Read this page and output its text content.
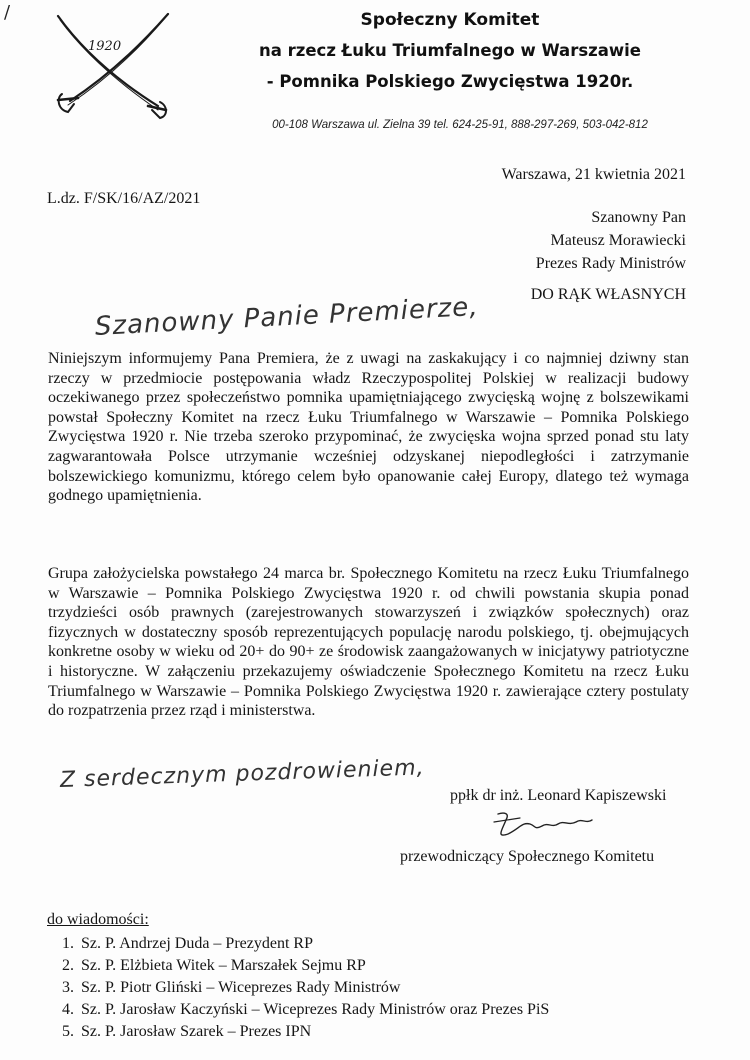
/
1920
Społeczny Komitet
na rzecz Łuku Triumfalnego w Warszawie
- Pomnika Polskiego Zwycięstwa 1920r.
00-108 Warszawa ul. Zielna 39 tel. 624-25-91, 888-297-269, 503-042-812
Warszawa, 21 kwietnia 2021
L.dz. F/SK/16/AZ/2021
Szanowny Pan
Mateusz Morawiecki
Prezes Rady Ministrów
DO RĄK WŁASNYCH
Szanowny Panie Premierze,

Niniejszym informujemy Pana Premiera, że z uwagi na zaskakujący i co najmniej dziwny stan rzeczy w przedmiocie postępowania władz Rzeczypospolitej Polskiej w realizacji budowy oczekiwanego przez społeczeństwo pomnika upamiętniającego zwycięską wojnę z bolszewikami powstał Społeczny Komitet na rzecz Łuku Triumfalnego w Warszawie – Pomnika Polskiego Zwycięstwa 1920 r. Nie trzeba szeroko przypominać, że zwycięska wojna sprzed ponad stu laty zagwarantowała Polsce utrzymanie wcześniej odzyskanej niepodległości i zatrzymanie bolszewickiego komunizmu, którego celem było opanowanie całej Europy, dlatego też wymaga godnego upamiętnienia.

Grupa założycielska powstałego 24 marca br. Społecznego Komitetu na rzecz Łuku Triumfalnego w Warszawie – Pomnika Polskiego Zwycięstwa 1920 r. od chwili powstania skupia ponad trzydzieści osób prawnych (zarejestrowanych stowarzyszeń i związków społecznych) oraz fizycznych w dostateczny sposób reprezentujących populację narodu polskiego, tj. obejmujących konkretne osoby w wieku od 20+ do 90+ ze środowisk zaangażowanych w inicjatywy patriotyczne i historyczne. W załączeniu przekazujemy oświadczenie Społecznego Komitetu na rzecz Łuku Triumfalnego w Warszawie – Pomnika Polskiego Zwycięstwa 1920 r. zawierające cztery postulaty do rozpatrzenia przez rząd i ministerstwa.

Z serdecznym pozdrowieniem,
ppłk dr inż. Leonard Kapiszewski
przewodniczący Społecznego Komitetu
do wiadomości:
1. Sz. P. Andrzej Duda – Prezydent RP
2. Sz. P. Elżbieta Witek – Marszałek Sejmu RP
3. Sz. P. Piotr Gliński – Wiceprezes Rady Ministrów
4. Sz. P. Jarosław Kaczyński – Wiceprezes Rady Ministrów oraz Prezes PiS
5. Sz. P. Jarosław Szarek – Prezes IPN
